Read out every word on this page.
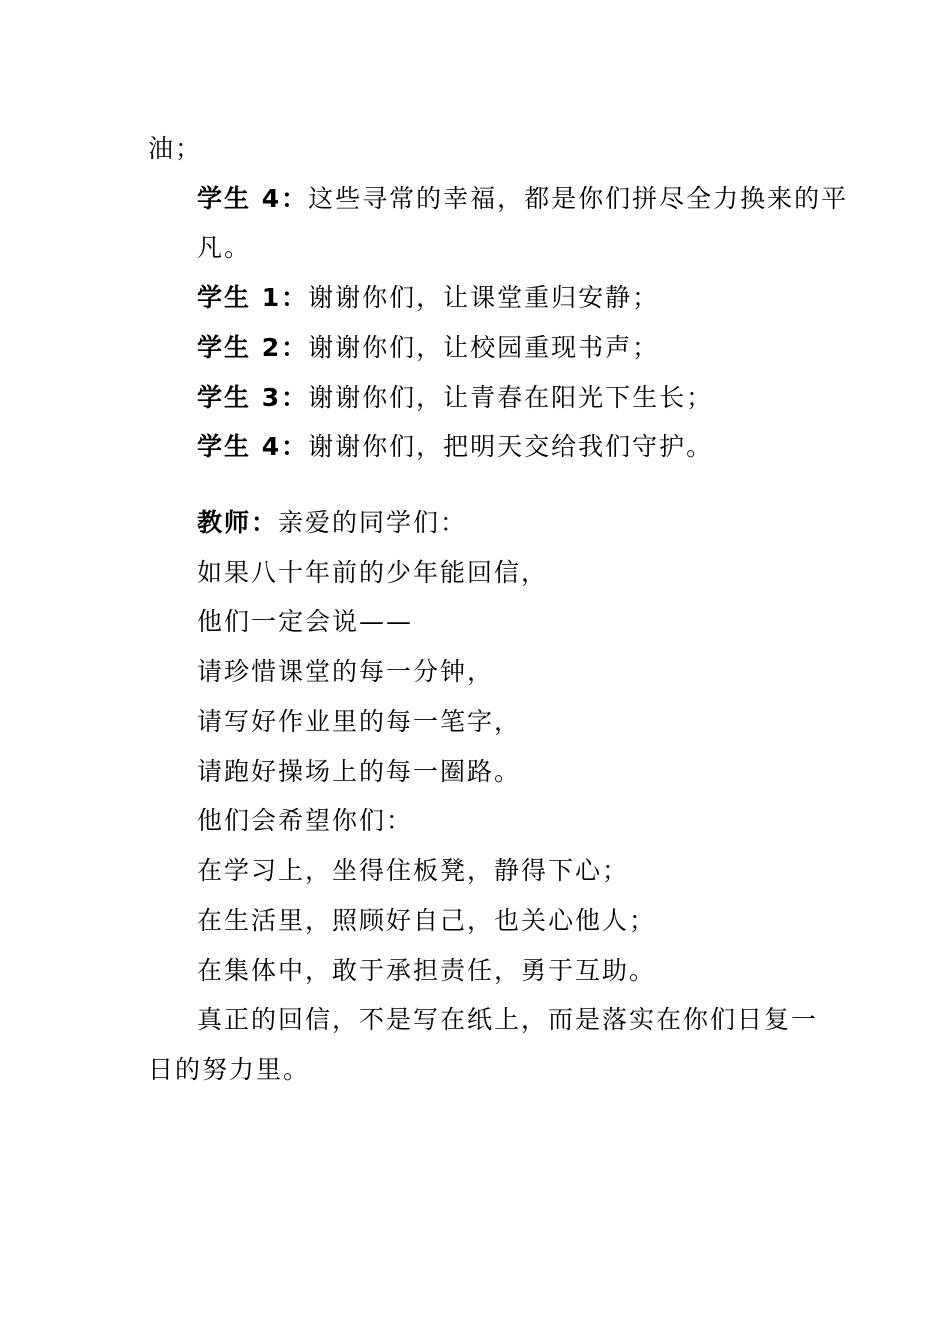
油；
学生 4：这些寻常的幸福，都是你们拼尽全力换来的平
凡。
学生 1：谢谢你们，让课堂重归安静；
学生 2：谢谢你们，让校园重现书声；
学生 3：谢谢你们，让青春在阳光下生长；
学生 4：谢谢你们，把明天交给我们守护。
教师：亲爱的同学们：
如果八十年前的少年能回信，
他们一定会说——
请珍惜课堂的每一分钟，
请写好作业里的每一笔字，
请跑好操场上的每一圈路。
他们会希望你们：
在学习上，坐得住板凳，静得下心；
在生活里，照顾好自己，也关心他人；
在集体中，敢于承担责任，勇于互助。
真正的回信，不是写在纸上，而是落实在你们日复一
日的努力里。
